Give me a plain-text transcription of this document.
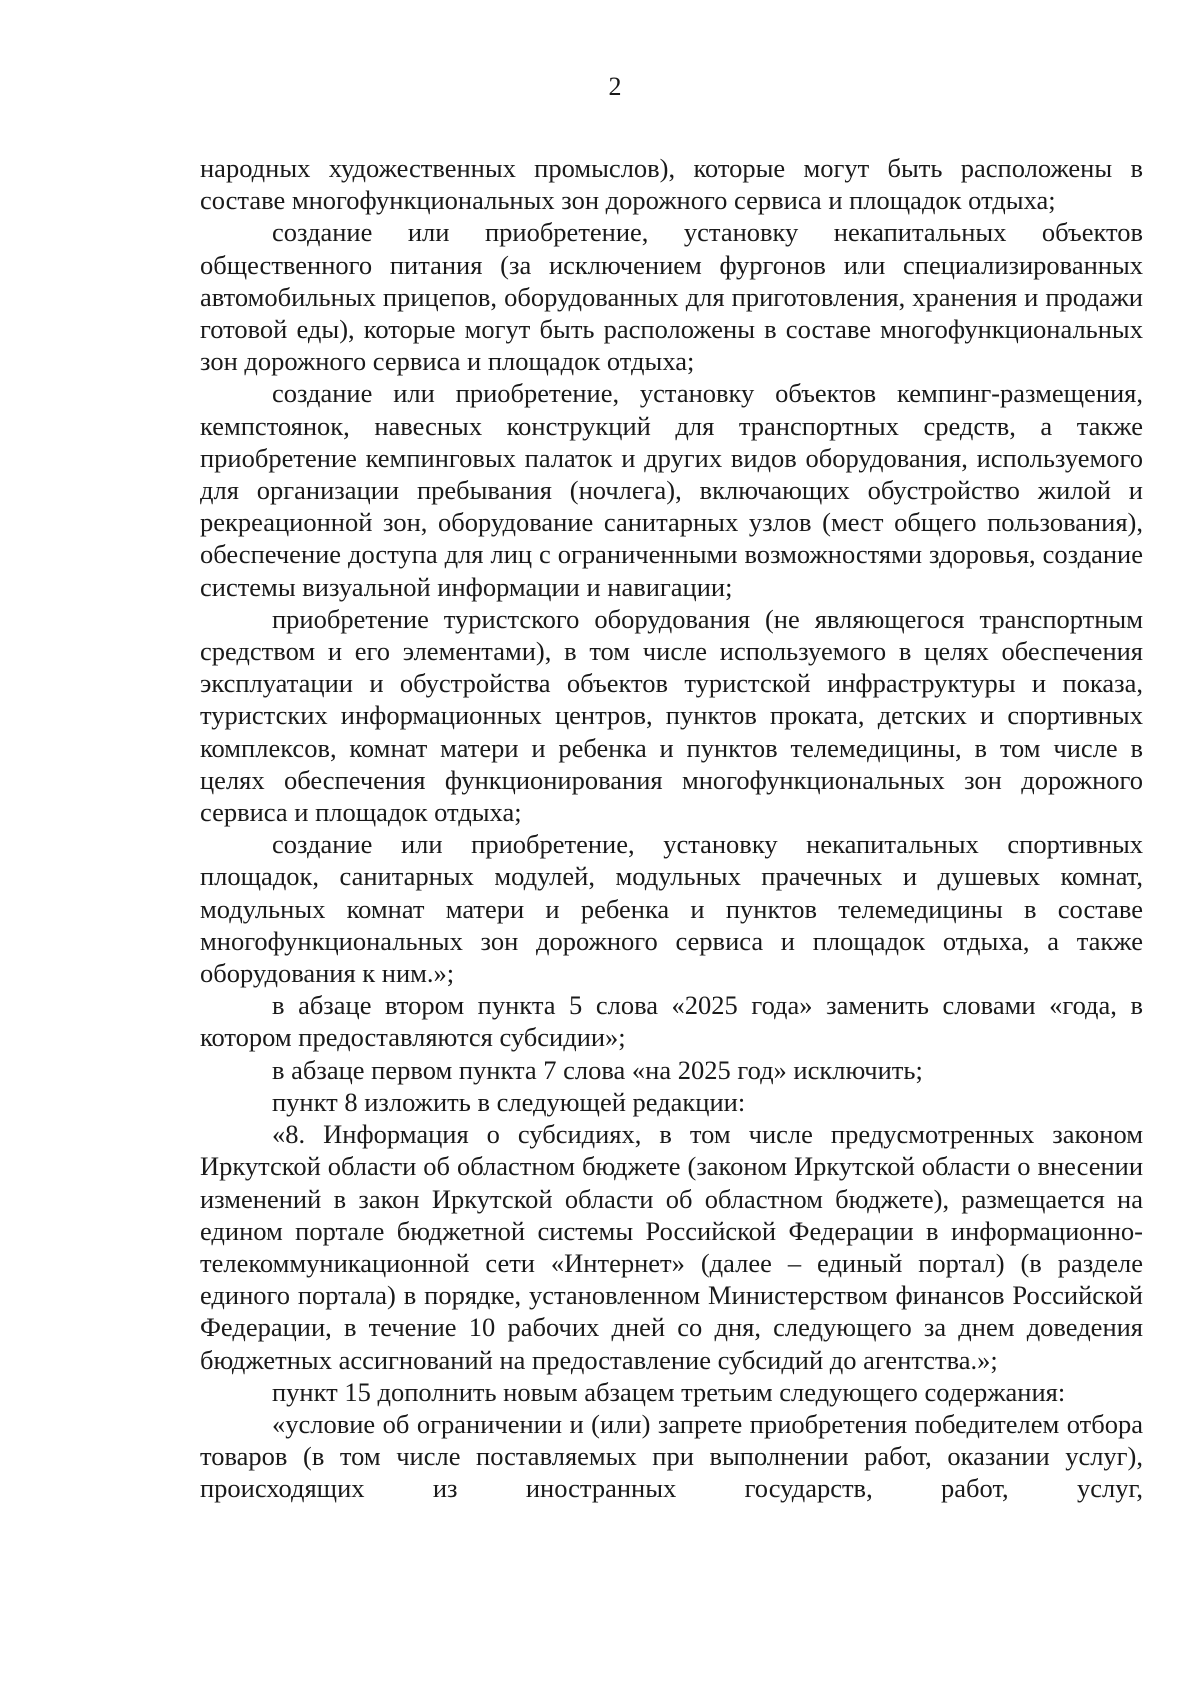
2

народных художественных промыслов), которые могут быть расположены в составе многофункциональных зон дорожного сервиса и площадок отдыха;

создание или приобретение, установку некапитальных объектов общественного питания (за исключением фургонов или специализированных автомобильных прицепов, оборудованных для приготовления, хранения и продажи готовой еды), которые могут быть расположены в составе многофункциональных зон дорожного сервиса и площадок отдыха;

создание или приобретение, установку объектов кемпинг-размещения, кемпстоянок, навесных конструкций для транспортных средств, а также приобретение кемпинговых палаток и других видов оборудования, используемого для организации пребывания (ночлега), включающих обустройство жилой и рекреационной зон, оборудование санитарных узлов (мест общего пользования), обеспечение доступа для лиц с ограниченными возможностями здоровья, создание системы визуальной информации и навигации;

приобретение туристского оборудования (не являющегося транспортным средством и его элементами), в том числе используемого в целях обеспечения эксплуатации и обустройства объектов туристской инфраструктуры и показа, туристских информационных центров, пунктов проката, детских и спортивных комплексов, комнат матери и ребенка и пунктов телемедицины, в том числе в целях обеспечения функционирования многофункциональных зон дорожного сервиса и площадок отдыха;

создание или приобретение, установку некапитальных спортивных площадок, санитарных модулей, модульных прачечных и душевых комнат, модульных комнат матери и ребенка и пунктов телемедицины в составе многофункциональных зон дорожного сервиса и площадок отдыха, а также оборудования к ним.»;

в абзаце втором пункта 5 слова «2025 года» заменить словами «года, в котором предоставляются субсидии»;

в абзаце первом пункта 7 слова «на 2025 год» исключить;

пункт 8 изложить в следующей редакции:

«8. Информация о субсидиях, в том числе предусмотренных законом Иркутской области об областном бюджете (законом Иркутской области о внесении изменений в закон Иркутской области об областном бюджете), размещается на едином портале бюджетной системы Российской Федерации в информационно-телекоммуникационной сети «Интернет» (далее – единый портал) (в разделе единого портала) в порядке, установленном Министерством финансов Российской Федерации, в течение 10 рабочих дней со дня, следующего за днем доведения бюджетных ассигнований на предоставление субсидий до агентства.»;

пункт 15 дополнить новым абзацем третьим следующего содержания:

«условие об ограничении и (или) запрете приобретения победителем отбора товаров (в том числе поставляемых при выполнении работ, оказании услуг), происходящих из иностранных государств, работ, услуг,
